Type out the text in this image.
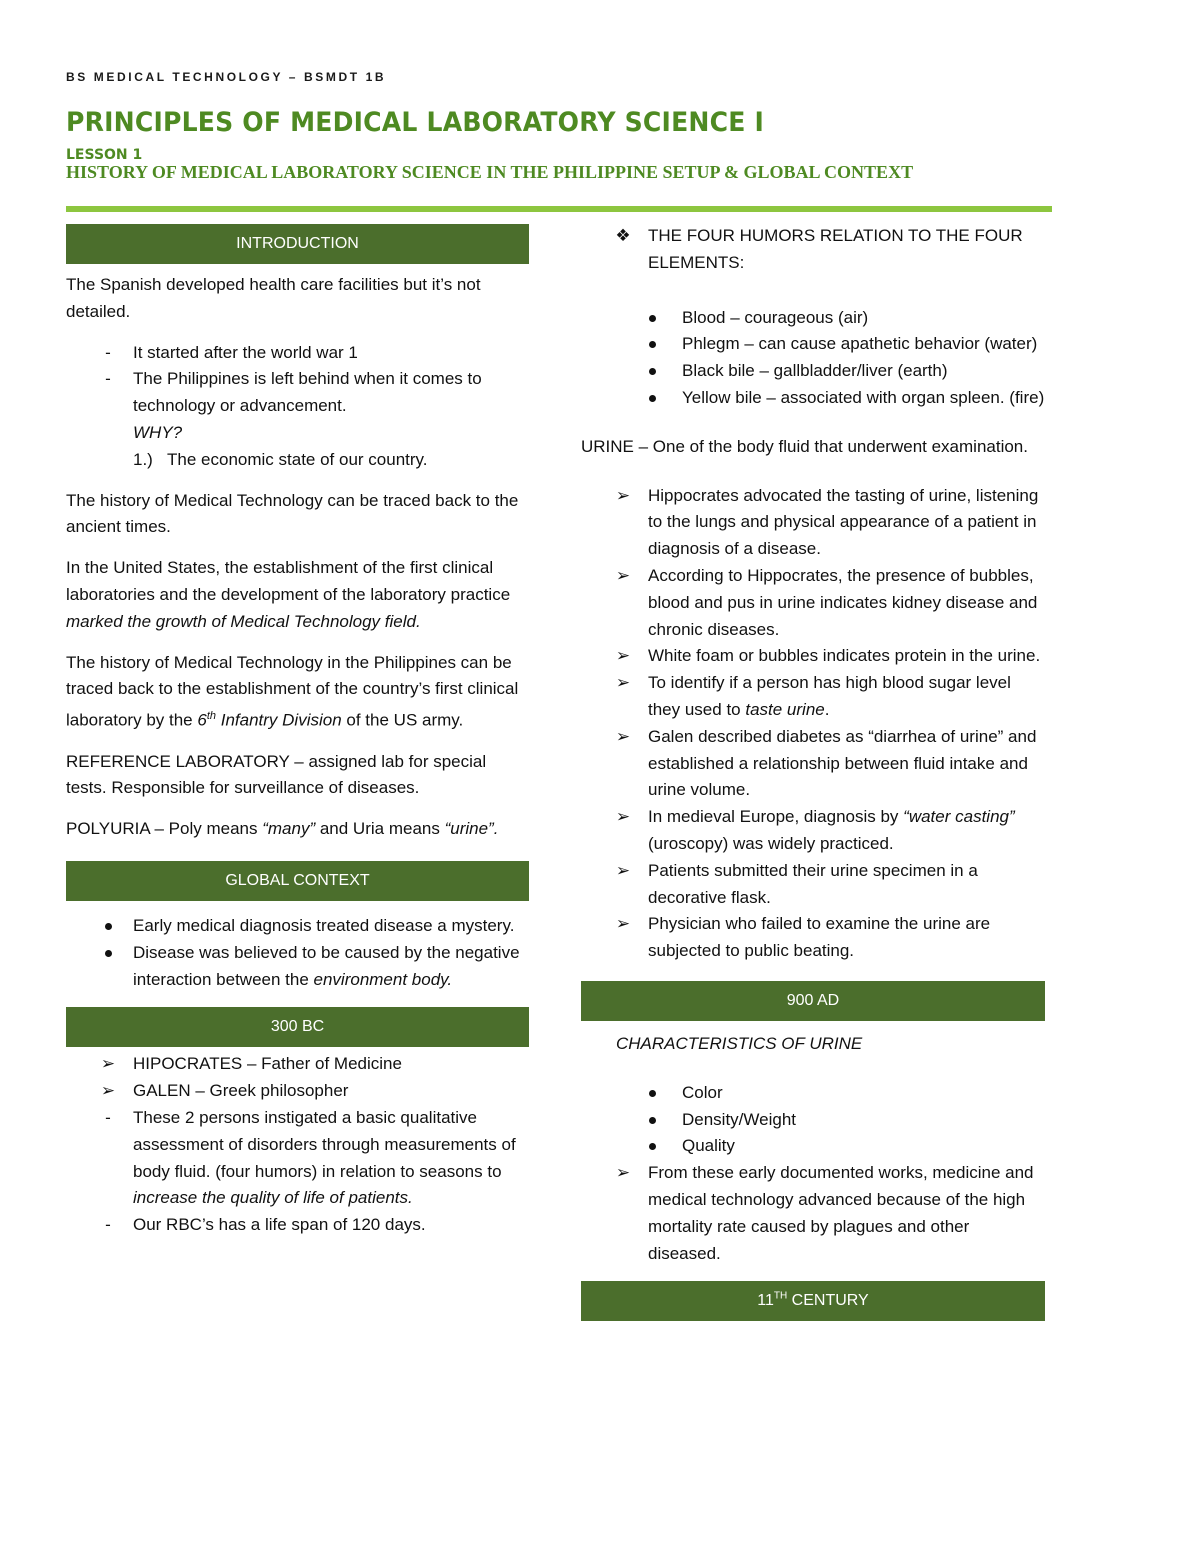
BS MEDICAL TECHNOLOGY – BSMDT 1B
PRINCIPLES OF MEDICAL LABORATORY SCIENCE I
LESSON 1
HISTORY OF MEDICAL LABORATORY SCIENCE IN THE PHILIPPINE SETUP & GLOBAL CONTEXT
INTRODUCTION

The Spanish developed health care facilities but it’s not detailed.

-	It started after the world war 1
-	The Philippines is left behind when it comes to technology or advancement.
WHY?
1.) The economic state of our country.

The history of Medical Technology can be traced back to the ancient times.

In the United States, the establishment of the first clinical laboratories and the development of the laboratory practice marked the growth of Medical Technology field.

The history of Medical Technology in the Philippines can be traced back to the establishment of the country’s first clinical laboratory by the 6th Infantry Division of the US army.

REFERENCE LABORATORY – assigned lab for special tests. Responsible for surveillance of diseases.

POLYURIA – Poly means “many” and Uria means “urine”.

GLOBAL CONTEXT
Early medical diagnosis treated disease a mystery.
Disease was believed to be caused by the negative interaction between the environment body.
300 BC
➢ HIPOCRATES – Father of Medicine
➢ GALEN – Greek philosopher
-	These 2 persons instigated a basic qualitative assessment of disorders through measurements of body fluid. (four humors) in relation to seasons to increase the quality of life of patients.
-	Our RBC’s has a life span of 120 days.
❖ THE FOUR HUMORS RELATION TO THE FOUR ELEMENTS:
Blood – courageous (air)
Phlegm – can cause apathetic behavior (water)
Black bile – gallbladder/liver (earth)
Yellow bile – associated with organ spleen. (fire)

URINE – One of the body fluid that underwent examination.

➢ Hippocrates advocated the tasting of urine, listening to the lungs and physical appearance of a patient in diagnosis of a disease.
➢ According to Hippocrates, the presence of bubbles, blood and pus in urine indicates kidney disease and chronic diseases.
➢ White foam or bubbles indicates protein in the urine.
➢ To identify if a person has high blood sugar level they used to taste urine.
➢ Galen described diabetes as “diarrhea of urine” and established a relationship between fluid intake and urine volume.
➢ In medieval Europe, diagnosis by “water casting” (uroscopy) was widely practiced.
➢ Patients submitted their urine specimen in a decorative flask.
➢ Physician who failed to examine the urine are subjected to public beating.
900 AD
CHARACTERISTICS OF URINE
Color
Density/Weight
Quality
➢ From these early documented works, medicine and medical technology advanced because of the high mortality rate caused by plagues and other diseased.
11TH CENTURY
